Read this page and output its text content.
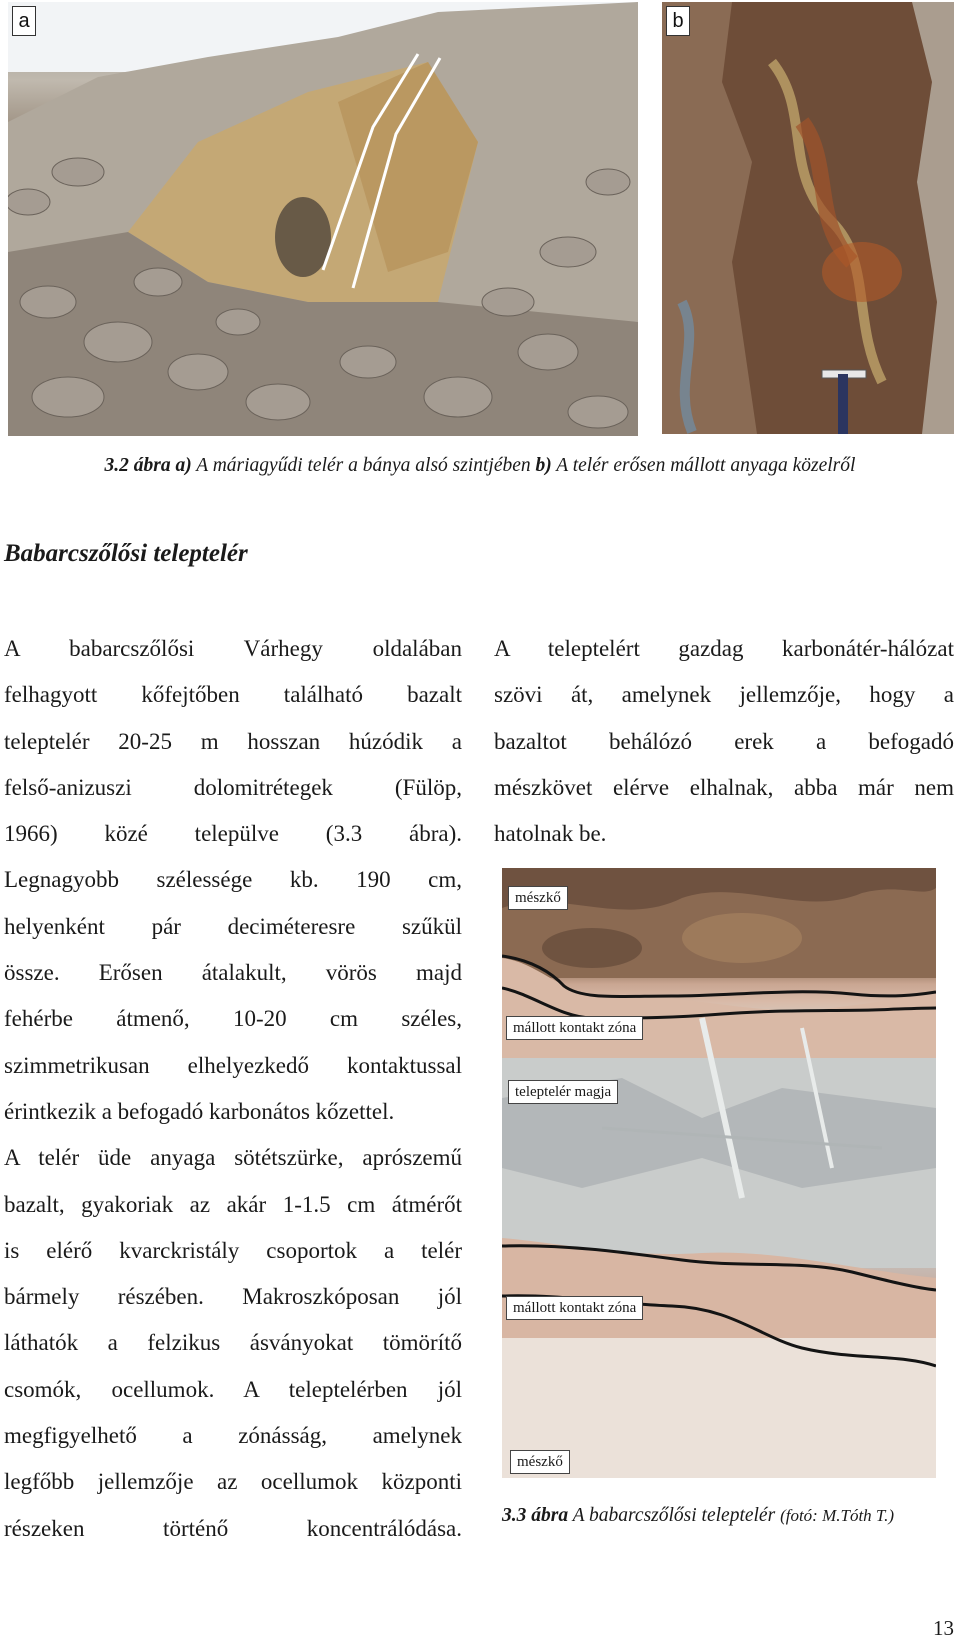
a	b
3.2 ábra a) A máriagyűdi telér a bánya alsó szintjében b) A telér erősen mállott anyaga közelről
Babarcszőlősi teleptelér
A babarcszőlősi Várhegy oldalában
felhagyott kőfejtőben található bazalt
teleptelér 20-25 m hosszan húzódik a
felső-anizuszi dolomitrétegek (Fülöp,
1966) közé települve (3.3 ábra).
Legnagyobb szélessége kb. 190 cm,
helyenként pár deciméteresre szűkül
össze. Erősen átalakult, vörös majd
fehérbe átmenő, 10-20 cm széles,
szimmetrikusan elhelyezkedő kontaktussal
érintkezik a befogadó karbonátos kőzettel.
A telér üde anyaga sötétszürke, aprószemű
bazalt, gyakoriak az akár 1-1.5 cm átmérőt
is elérő kvarckristály csoportok a telér
bármely részében. Makroszkóposan jól
láthatók a felzikus ásványokat tömörítő
csomók, ocellumok. A teleptelérben jól
megfigyelhető a zónásság, amelynek
legfőbb jellemzője az ocellumok központi
részeken történő koncentrálódása.
A teleptelért gazdag karbonátér-hálózat
szövi át, amelynek jellemzője, hogy a
bazaltot behálózó erek a befogadó
mészkövet elérve elhalnak, abba már nem
hatolnak be.
mészkő
mállott kontakt zóna
teleptelér magja
mállott kontakt zóna
mészkő
3.3 ábra A babarcszőlősi teleptelér (fotó: M.Tóth T.)
13
